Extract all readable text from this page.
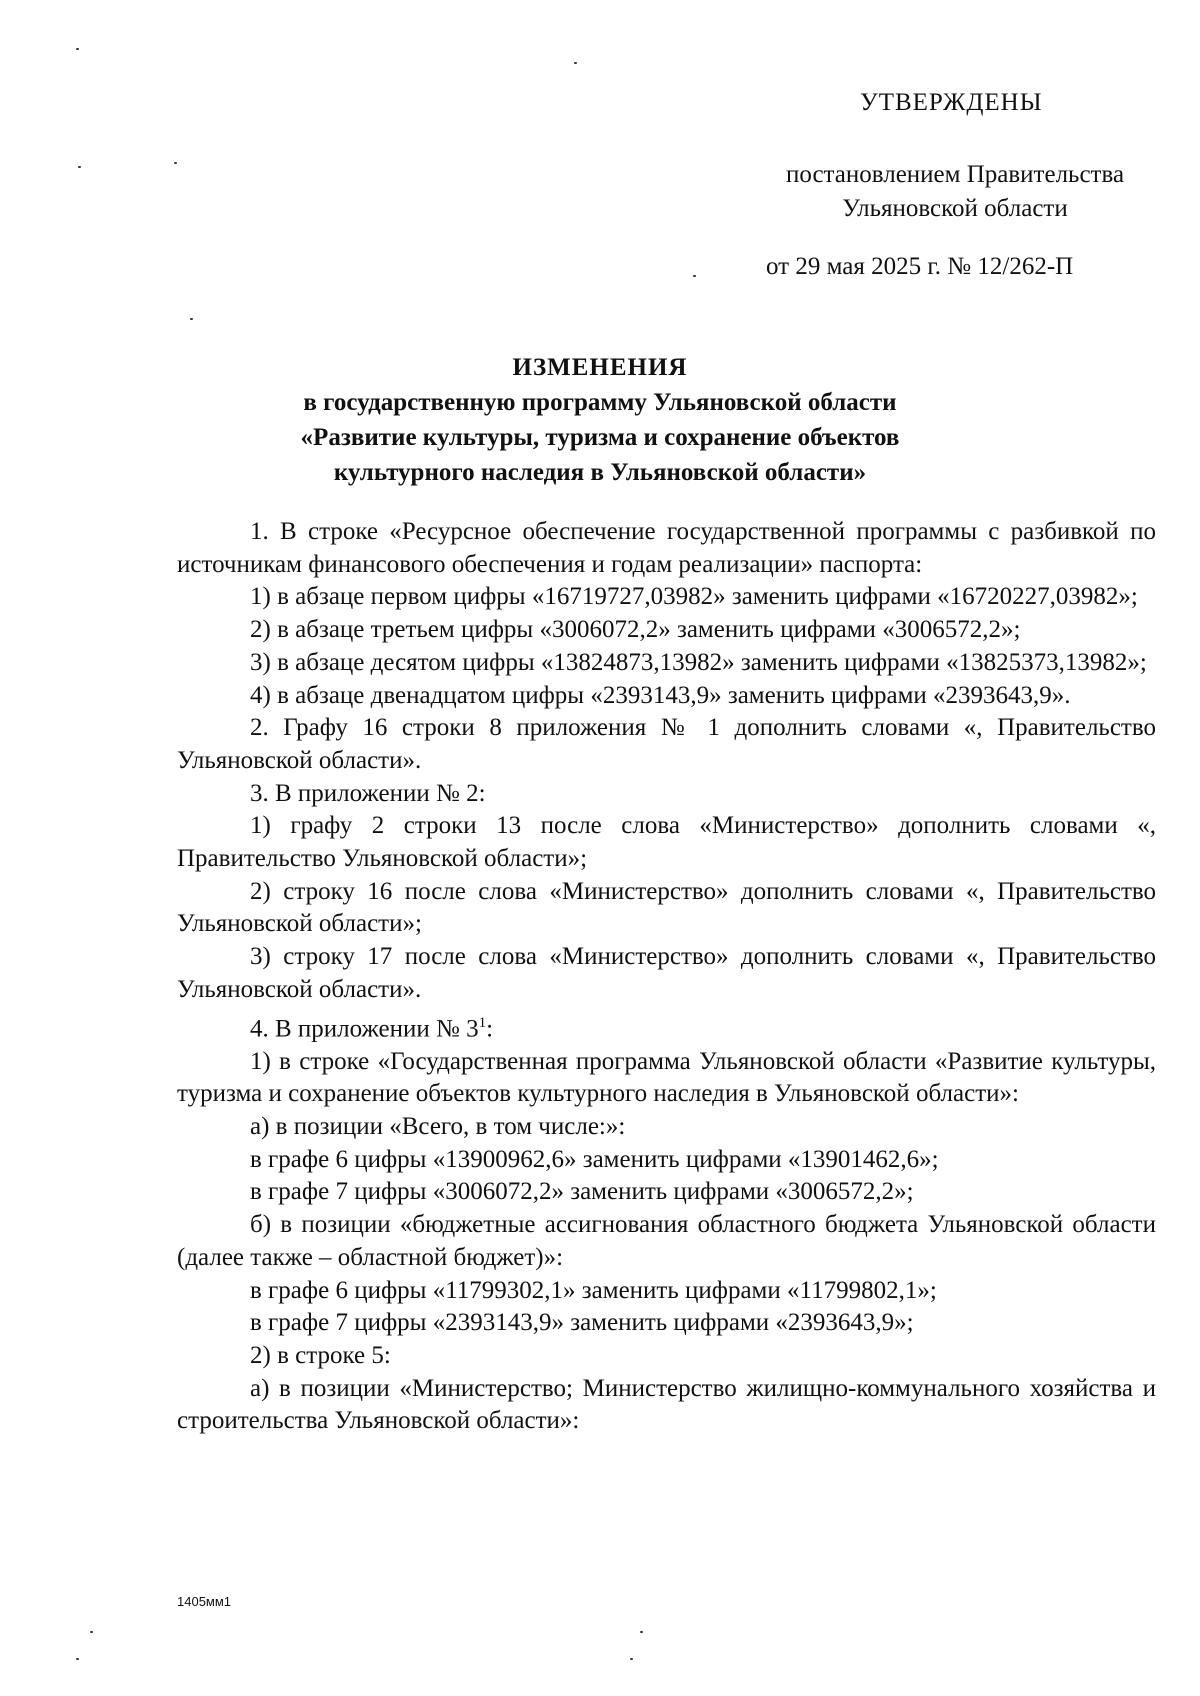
УТВЕРЖДЕНЫ
постановлением Правительства
Ульяновской области
от 29 мая 2025 г. № 12/262-П
ИЗМЕНЕНИЯ
в государственную программу Ульяновской области
«Развитие культуры, туризма и сохранение объектов
культурного наследия в Ульяновской области»

1. В строке «Ресурсное обеспечение государственной программы с разбивкой по источникам финансового обеспечения и годам реализации» паспорта:

1) в абзаце первом цифры «16719727,03982» заменить цифрами «16720227,03982»;

2) в абзаце третьем цифры «3006072,2» заменить цифрами «3006572,2»;

3) в абзаце десятом цифры «13824873,13982» заменить цифрами «13825373,13982»;

4) в абзаце двенадцатом цифры «2393143,9» заменить цифрами «2393643,9».

2. Графу 16 строки 8 приложения № 1 дополнить словами «, Правительство Ульяновской области».

3. В приложении № 2:

1) графу 2 строки 13 после слова «Министерство» дополнить словами «, Правительство Ульяновской области»;

2) строку 16 после слова «Министерство» дополнить словами «, Правительство Ульяновской области»;

3) строку 17 после слова «Министерство» дополнить словами «, Правительство Ульяновской области».

4. В приложении № $3^1$:

1) в строке «Государственная программа Ульяновской области «Развитие культуры, туризма и сохранение объектов культурного наследия в Ульяновской области»:

а) в позиции «Всего, в том числе:»:

в графе 6 цифры «13900962,6» заменить цифрами «13901462,6»;

в графе 7 цифры «3006072,2» заменить цифрами «3006572,2»;

б) в позиции «бюджетные ассигнования областного бюджета Ульяновской области (далее также – областной бюджет)»:

в графе 6 цифры «11799302,1» заменить цифрами «11799802,1»;

в графе 7 цифры «2393143,9» заменить цифрами «2393643,9»;

2) в строке 5:

а) в позиции «Министерство; Министерство жилищно-коммунального хозяйства и строительства Ульяновской области»:

1405мм1
